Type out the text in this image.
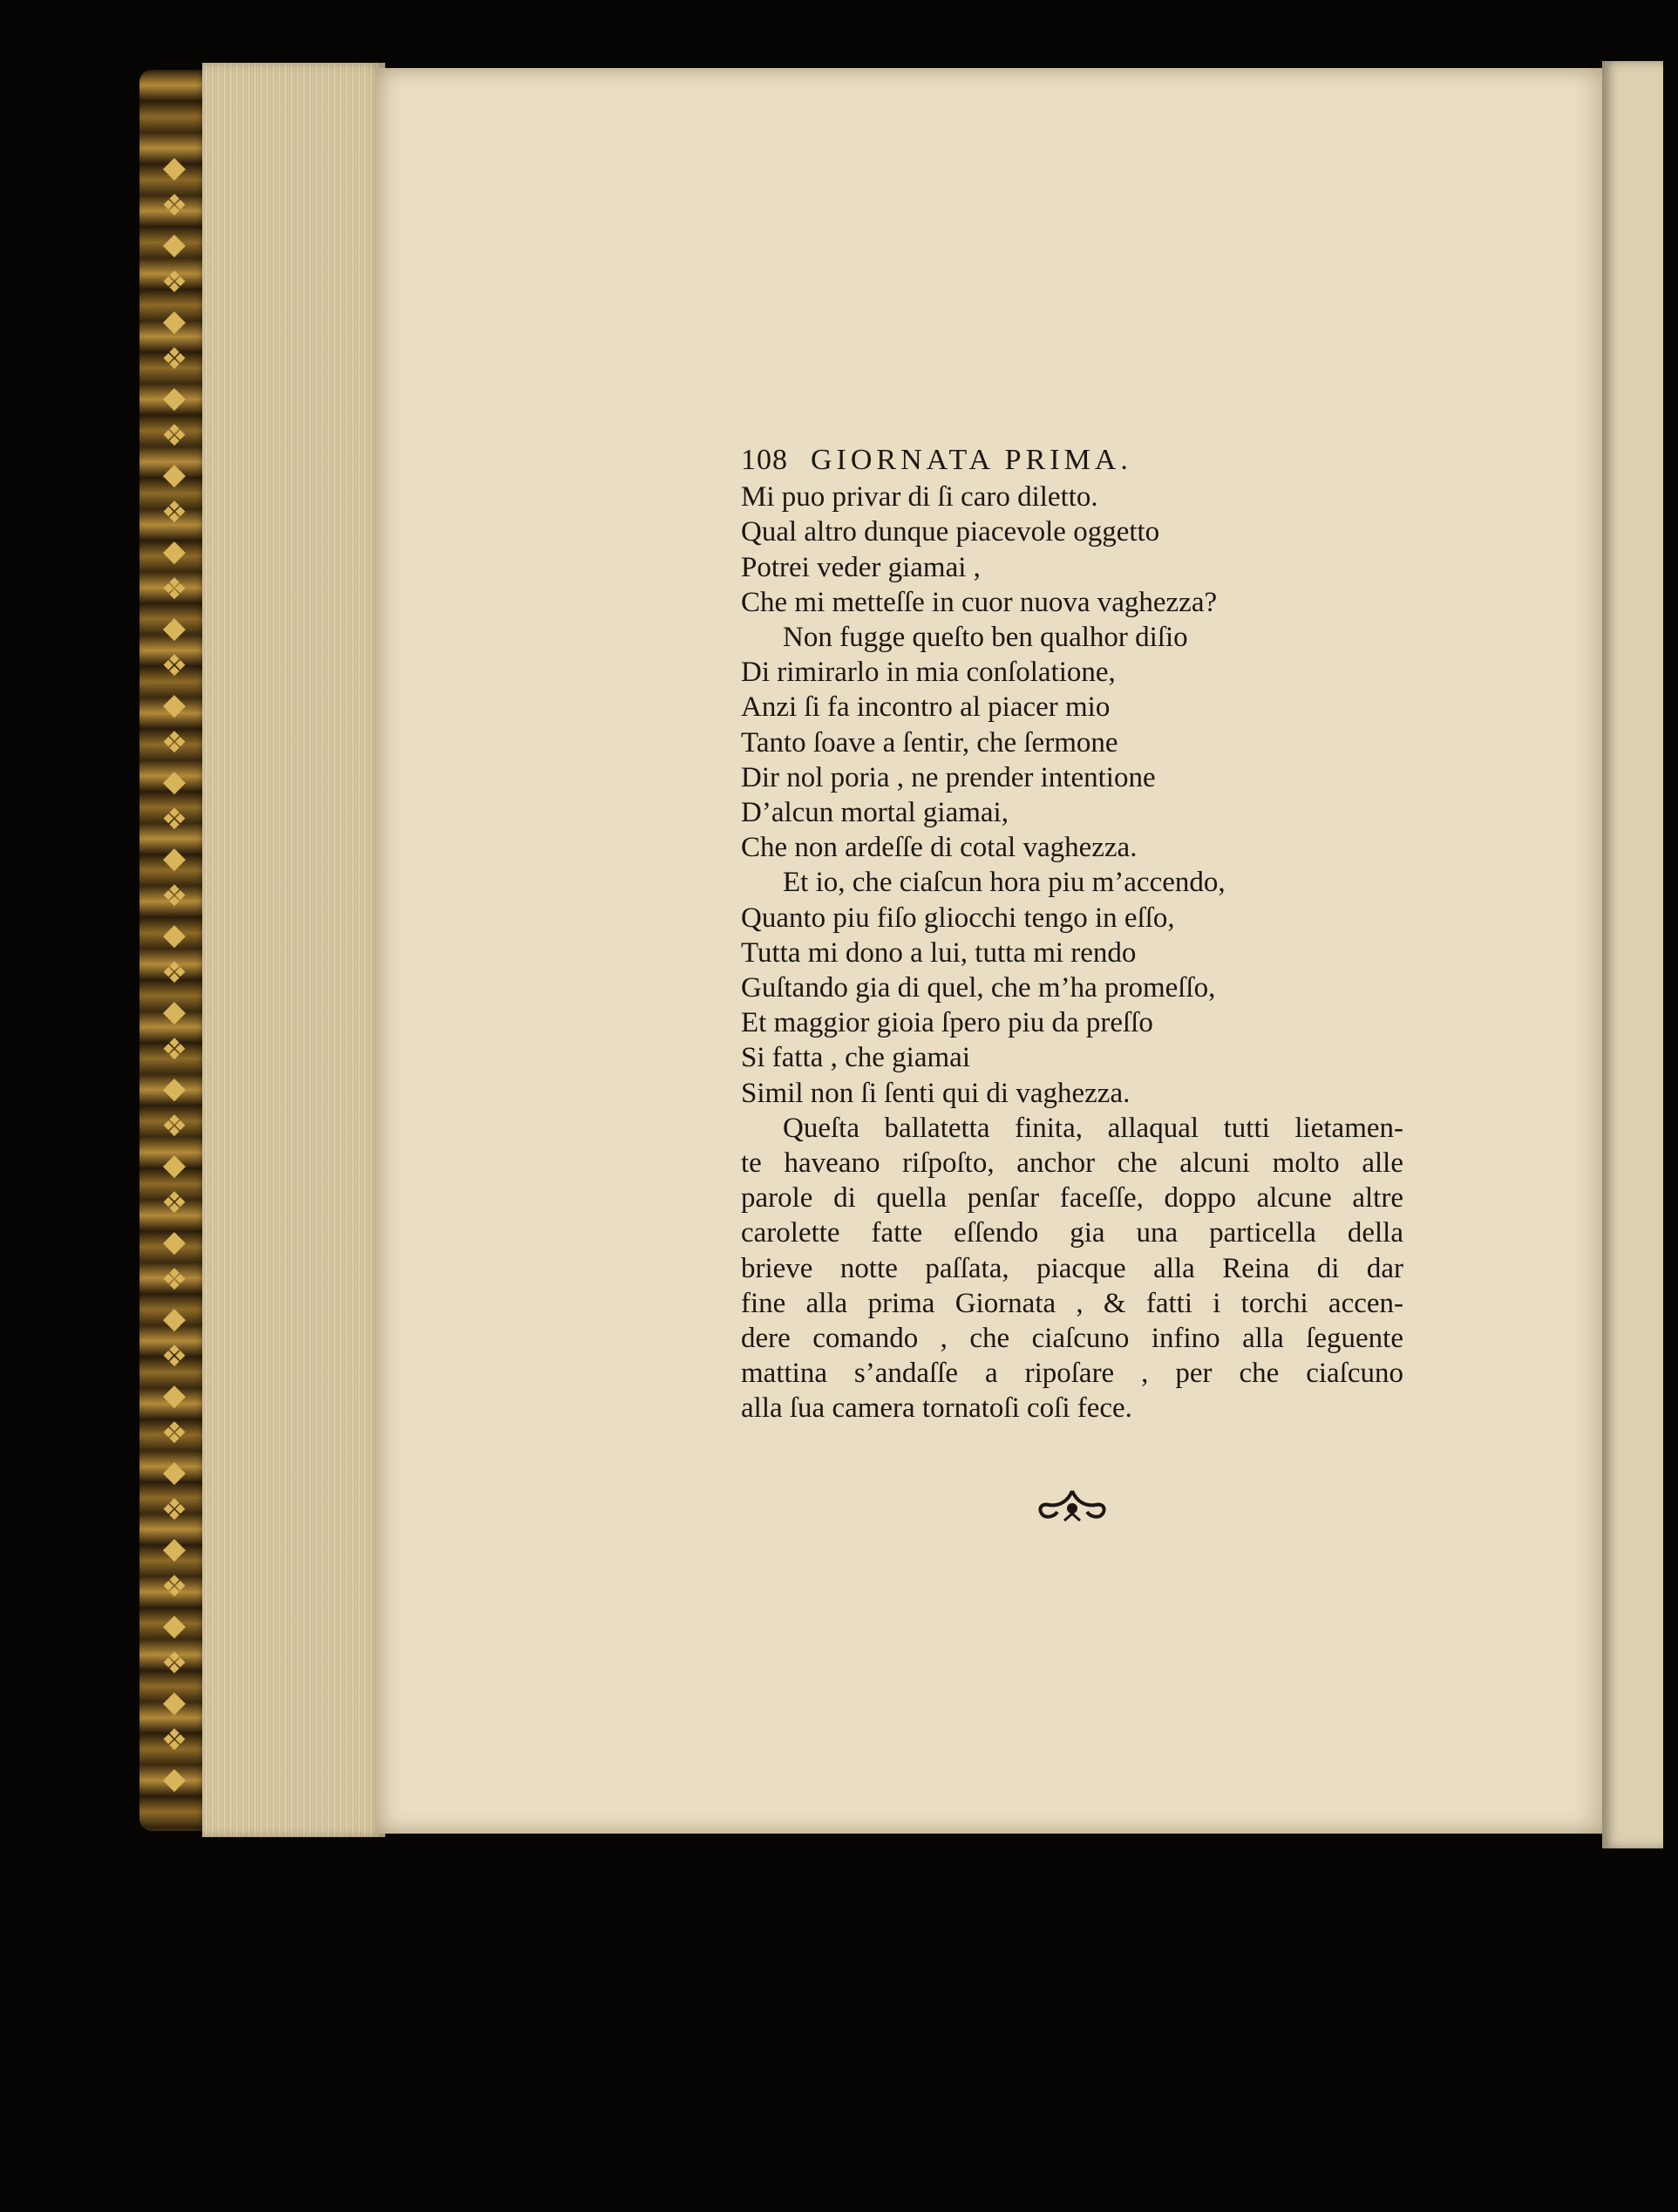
◆
❖
◆
❖
◆
❖
◆
❖
◆
❖
◆
❖
◆
❖
◆
❖
◆
❖
◆
❖
◆
❖
◆
❖
◆
❖
◆
❖
◆
❖
◆
❖
◆
❖
◆
❖
◆
❖
◆
❖
◆
❖
◆
108 GIORNATA PRIMA.
Mi puo privar di ſi caro diletto.
Qual altro dunque piacevole oggetto
Potrei veder giamai ,
Che mi metteſſe in cuor nuova vaghezza?
Non fugge queſto ben qualhor diſio
Di rimirarlo in mia conſolatione,
Anzi ſi fa incontro al piacer mio
Tanto ſoave a ſentir, che ſermone
Dir nol poria , ne prender intentione
D’alcun mortal giamai,
Che non ardeſſe di cotal vaghezza.
Et io, che ciaſcun hora piu m’accendo,
Quanto piu fiſo gliocchi tengo in eſſo,
Tutta mi dono a lui, tutta mi rendo
Guſtando gia di quel, che m’ha promeſſo,
Et maggior gioia ſpero piu da preſſo
Si fatta , che giamai
Simil non ſi ſenti qui di vaghezza.
Queſta ballatetta finita, allaqual tutti lietamen-
te haveano riſpoſto, anchor che alcuni molto alle
parole di quella penſar faceſſe, doppo alcune altre
carolette fatte eſſendo gia una particella della
brieve notte paſſata, piacque alla Reina di dar
fine alla prima Giornata , & fatti i torchi accen-
dere comando , che ciaſcuno infino alla ſeguente
mattina s’andaſſe a ripoſare , per che ciaſcuno
alla ſua camera tornatoſi coſi fece.
